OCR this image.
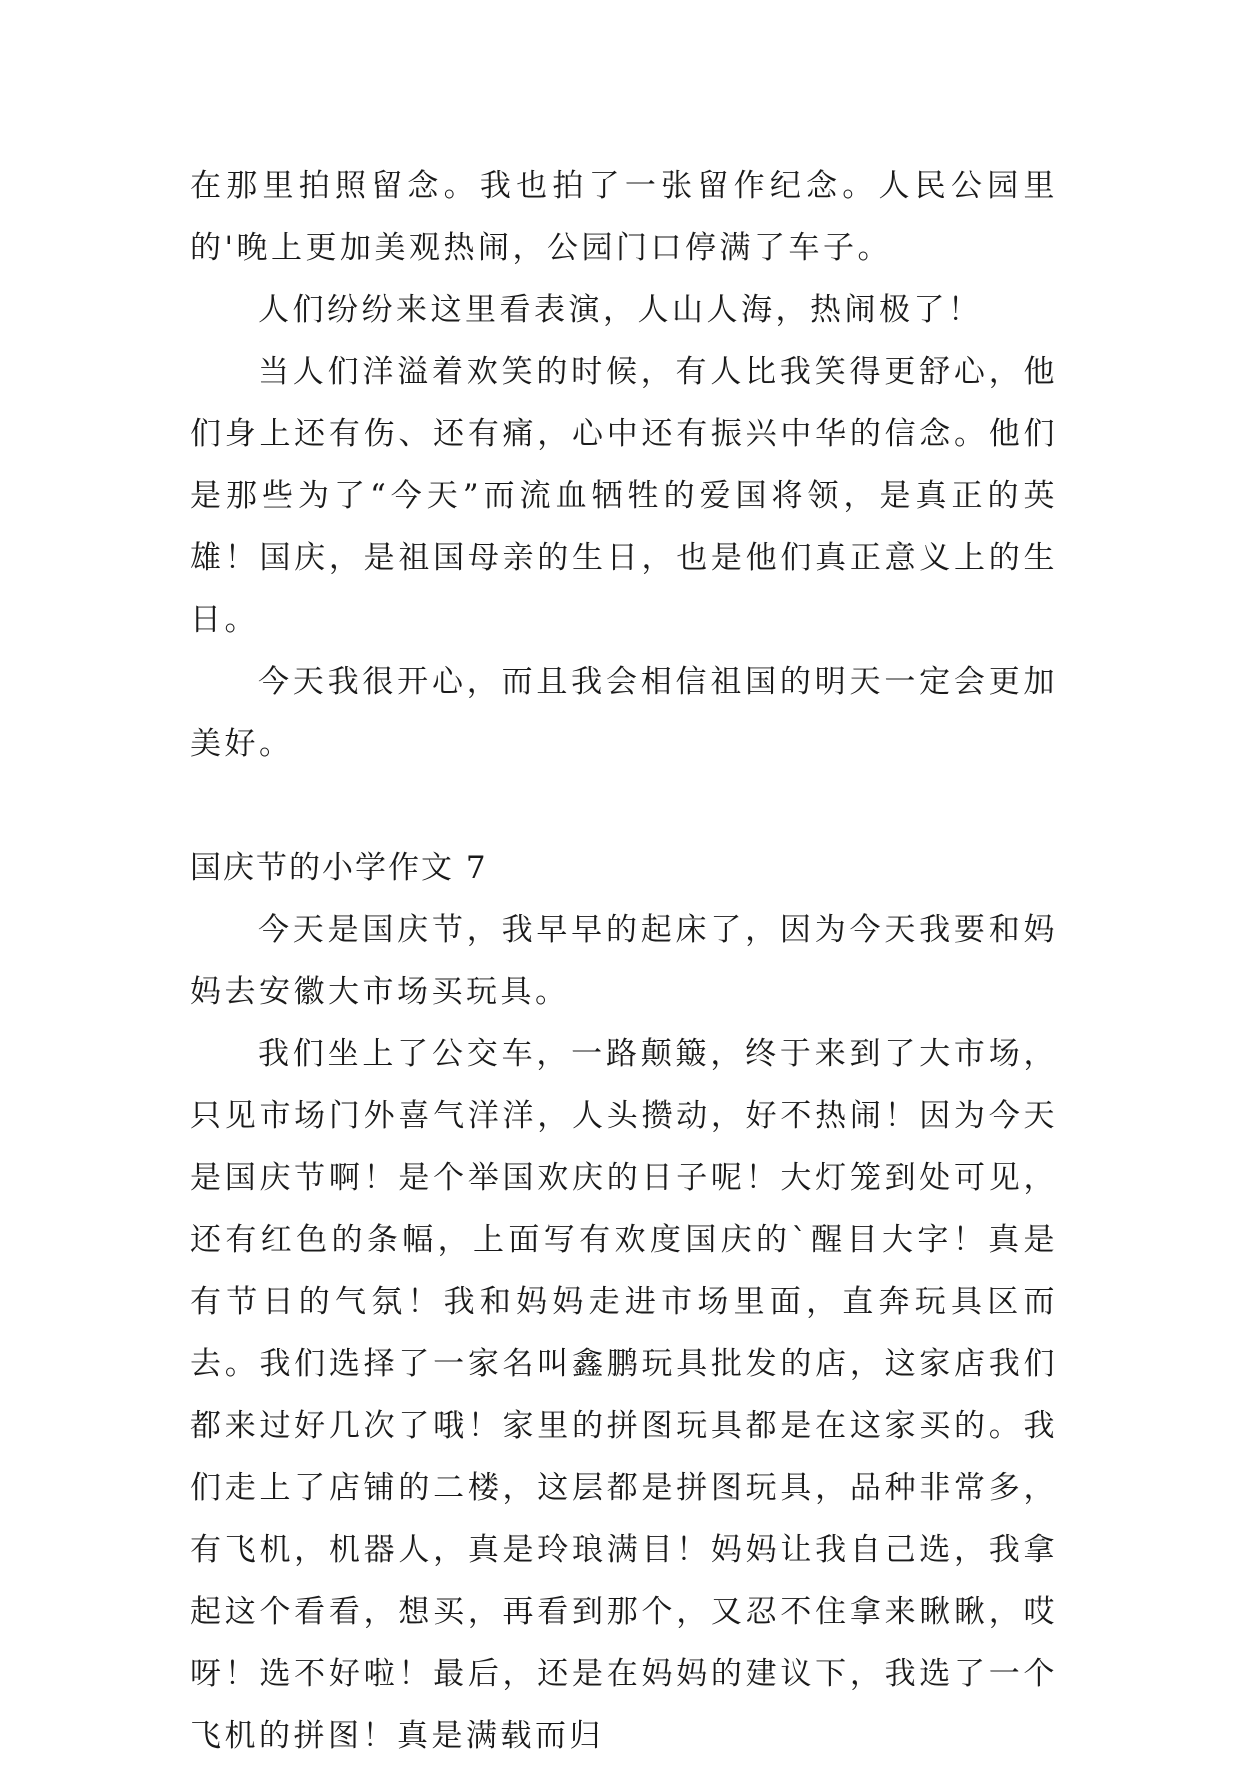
在那里拍照留念。我也拍了一张留作纪念。人民公园里的'晚上更加美观热闹，公园门口停满了车子。

人们纷纷来这里看表演，人山人海，热闹极了！

当人们洋溢着欢笑的时候，有人比我笑得更舒心，他们身上还有伤、还有痛，心中还有振兴中华的信念。他们是那些为了“今天”而流血牺牲的爱国将领，是真正的英雄！国庆，是祖国母亲的生日，也是他们真正意义上的生日。

今天我很开心，而且我会相信祖国的明天一定会更加美好。

国庆节的小学作文 7

今天是国庆节，我早早的起床了，因为今天我要和妈妈去安徽大市场买玩具。

我们坐上了公交车，一路颠簸，终于来到了大市场，只见市场门外喜气洋洋，人头攒动，好不热闹！因为今天是国庆节啊！是个举国欢庆的日子呢！大灯笼到处可见，还有红色的条幅，上面写有欢度国庆的`醒目大字！真是有节日的气氛！我和妈妈走进市场里面，直奔玩具区而去。我们选择了一家名叫鑫鹏玩具批发的店，这家店我们都来过好几次了哦！家里的拼图玩具都是在这家买的。我们走上了店铺的二楼，这层都是拼图玩具，品种非常多，有飞机，机器人，真是玲琅满目！妈妈让我自己选，我拿起这个看看，想买，再看到那个，又忍不住拿来瞅瞅，哎呀！选不好啦！最后，还是在妈妈的建议下，我选了一个飞机的拼图！真是满载而归
